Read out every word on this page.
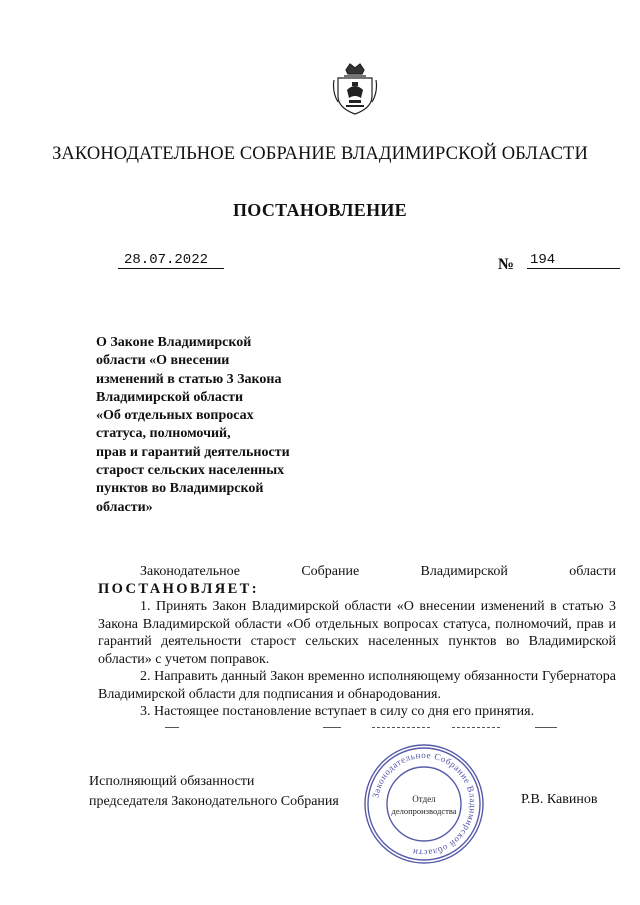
ЗАКОНОДАТЕЛЬНОЕ СОБРАНИЕ ВЛАДИМИРСКОЙ ОБЛАСТИ
ПОСТАНОВЛЕНИЕ
28.07.2022	№ 194
О Законе Владимирской
области «О внесении
изменений в статью 3 Закона
Владимирской области
«Об отдельных вопросах
статуса, полномочий,
прав и гарантий деятельности
старост сельских населенных
пунктов во Владимирской
области»
Законодательное	Собрание	Владимирской	области
ПОСТАНОВЛЯЕТ:

1. Принять Закон Владимирской области «О внесении изменений в статью 3 Закона Владимирской области «Об отдельных вопросах статуса, полномочий, прав и гарантий деятельности старост сельских населенных пунктов во Владимирской области» с учетом поправок.

2. Направить данный Закон временно исполняющему обязанности Губернатора Владимирской области для подписания и обнародования.

3. Настоящее постановление вступает в силу со дня его принятия.

Исполняющий обязанности
председателя Законодательного Собрания	Р.В. Кавинов
Законодательное Собрание Владимирской области
Отдел
делопроизводства
